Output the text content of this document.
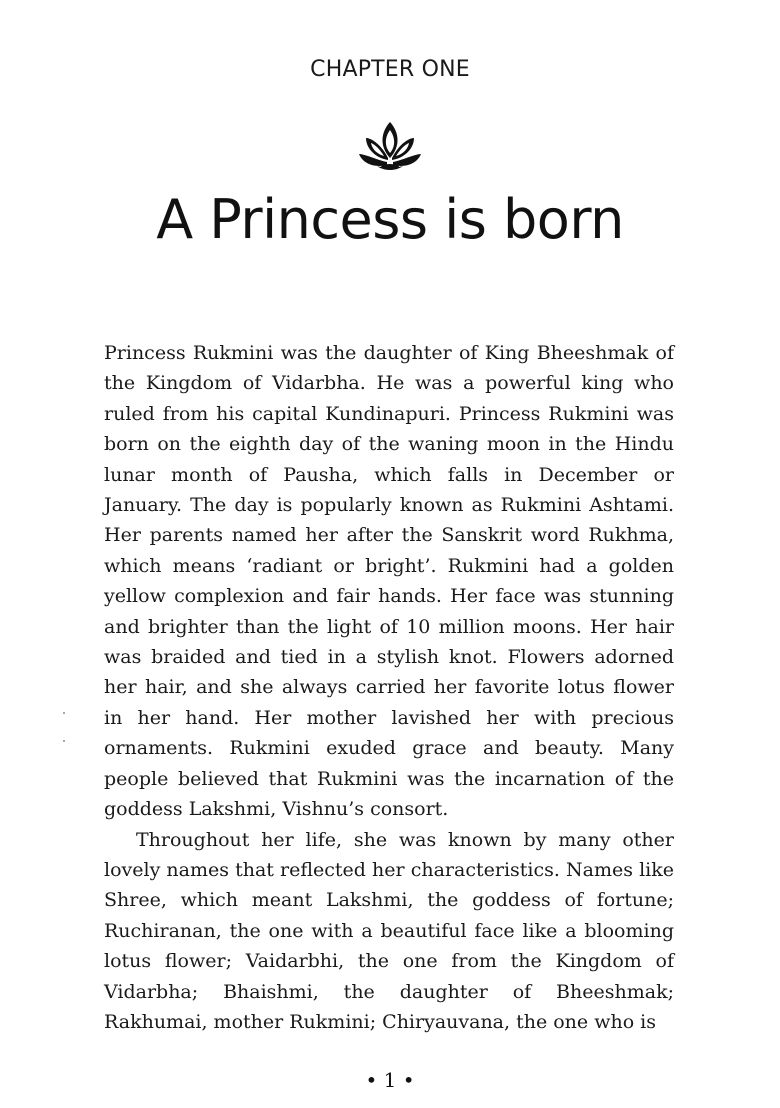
CHAPTER ONE
A Princess is born

Princess Rukmini was the daughter of King Bheeshmak of the Kingdom of Vidarbha. He was a powerful king who ruled from his capital Kundinapuri. Princess Rukmini was born on the eighth day of the waning moon in the Hindu lunar month of Pausha, which falls in December or January. The day is popularly known as Rukmini Ashtami. Her parents named her after the Sanskrit word Rukhma, which means ‘radiant or bright’. Rukmini had a golden yellow complexion and fair hands. Her face was stunning and brighter than the light of 10 million moons. Her hair was braided and tied in a stylish knot. Flowers adorned her hair, and she always carried her favorite lotus flower in her hand. Her mother lavished her with precious ornaments. Rukmini exuded grace and beauty. Many people believed that Rukmini was the incarnation of the goddess Lakshmi, Vishnu’s consort.

Throughout her life, she was known by many other lovely names that reflected her characteristics. Names like Shree, which meant Lakshmi, the goddess of fortune; Ruchiranan, the one with a beautiful face like a blooming lotus flower; Vaidarbhi, the one from the Kingdom of Vidarbha; Bhaishmi, the daughter of Bheeshmak; Rakhumai, mother Rukmini; Chiryauvana, the one who is

• 1 •
